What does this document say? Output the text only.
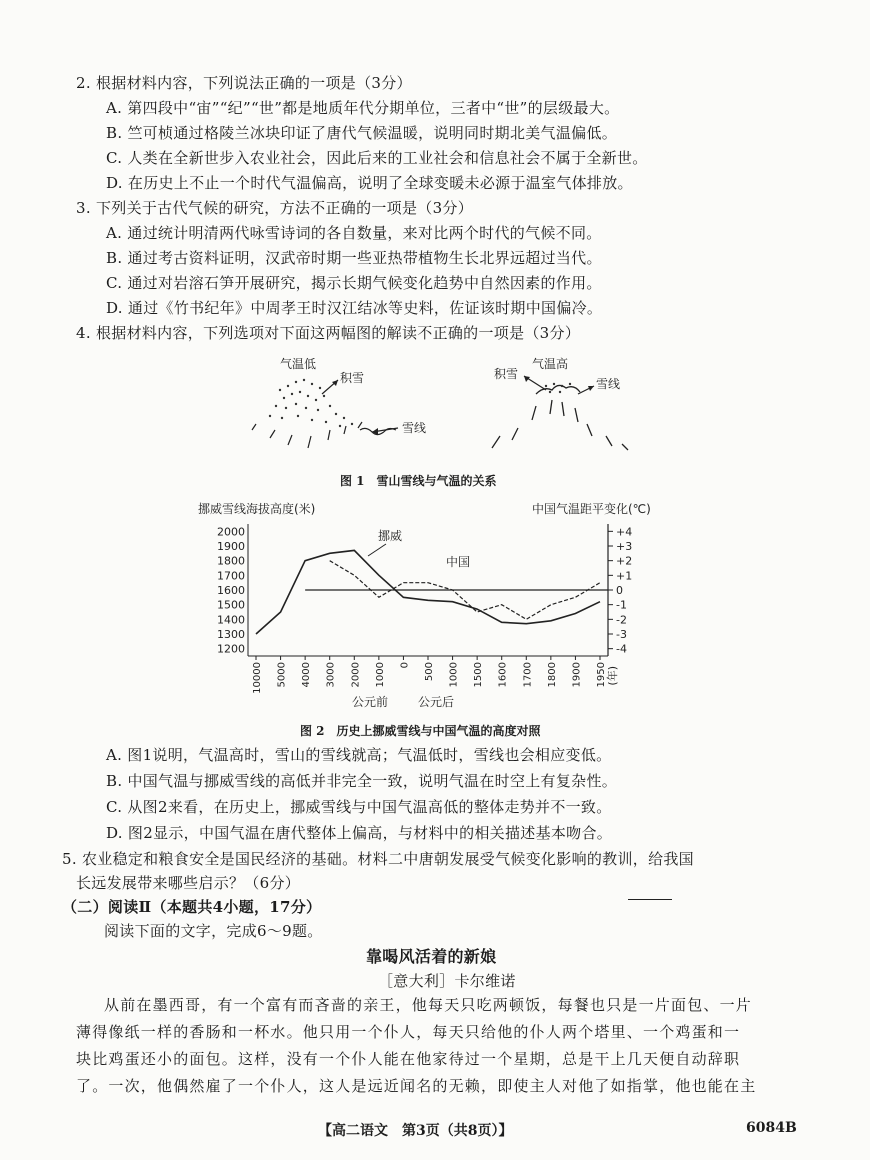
2. 根据材料内容，下列说法正确的一项是（3分）
A. 第四段中“宙”“纪”“世”都是地质年代分期单位，三者中“世”的层级最大。
B. 竺可桢通过格陵兰冰块印证了唐代气候温暖，说明同时期北美气温偏低。
C. 人类在全新世步入农业社会，因此后来的工业社会和信息社会不属于全新世。
D. 在历史上不止一个时代气温偏高，说明了全球变暖未必源于温室气体排放。
3. 下列关于古代气候的研究，方法不正确的一项是（3分）
A. 通过统计明清两代咏雪诗词的各自数量，来对比两个时代的气候不同。
B. 通过考古资料证明，汉武帝时期一些亚热带植物生长北界远超过当代。
C. 通过对岩溶石笋开展研究，揭示长期气候变化趋势中自然因素的作用。
D. 通过《竹书纪年》中周孝王时汉江结冰等史料，佐证该时期中国偏冷。
4. 根据材料内容，下列选项对下面这两幅图的解读不正确的一项是（3分）
气温低
积雪
雪线
气温高
积雪
雪线
图 1　雪山雪线与气温的关系
挪威雪线海拔高度(米)	中国气温距平变化(℃)
2000
1900
1800
1700
1600
1500
1400
1300
1200
+4
+3
+2
+1
0
-1
-2
-3
-4
10000 5000 4000 3000 2000 1000 0 500 1000 1500 1600 1700 1800 1900 1950
挪威
中国
公元前 公元后
(年)
图 2　历史上挪威雪线与中国气温的高度对照
A. 图1说明，气温高时，雪山的雪线就高；气温低时，雪线也会相应变低。
B. 中国气温与挪威雪线的高低并非完全一致，说明气温在时空上有复杂性。
C. 从图2来看，在历史上，挪威雪线与中国气温高低的整体走势并不一致。
D. 图2显示，中国气温在唐代整体上偏高，与材料中的相关描述基本吻合。
5. 农业稳定和粮食安全是国民经济的基础。材料二中唐朝发展受气候变化影响的教训，给我国
长远发展带来哪些启示？（6分）
（二）阅读Ⅱ（本题共4小题，17分）
阅读下面的文字，完成6～9题。
靠喝风活着的新娘
［意大利］卡尔维诺
从前在墨西哥，有一个富有而吝啬的亲王，他每天只吃两顿饭，每餐也只是一片面包、一片
薄得像纸一样的香肠和一杯水。他只用一个仆人，每天只给他的仆人两个塔里、一个鸡蛋和一
块比鸡蛋还小的面包。这样，没有一个仆人能在他家待过一个星期，总是干上几天便自动辞职
了。一次，他偶然雇了一个仆人，这人是远近闻名的无赖，即使主人对他了如指掌，他也能在主
【高二语文　第3页（共8页）】	6084B
